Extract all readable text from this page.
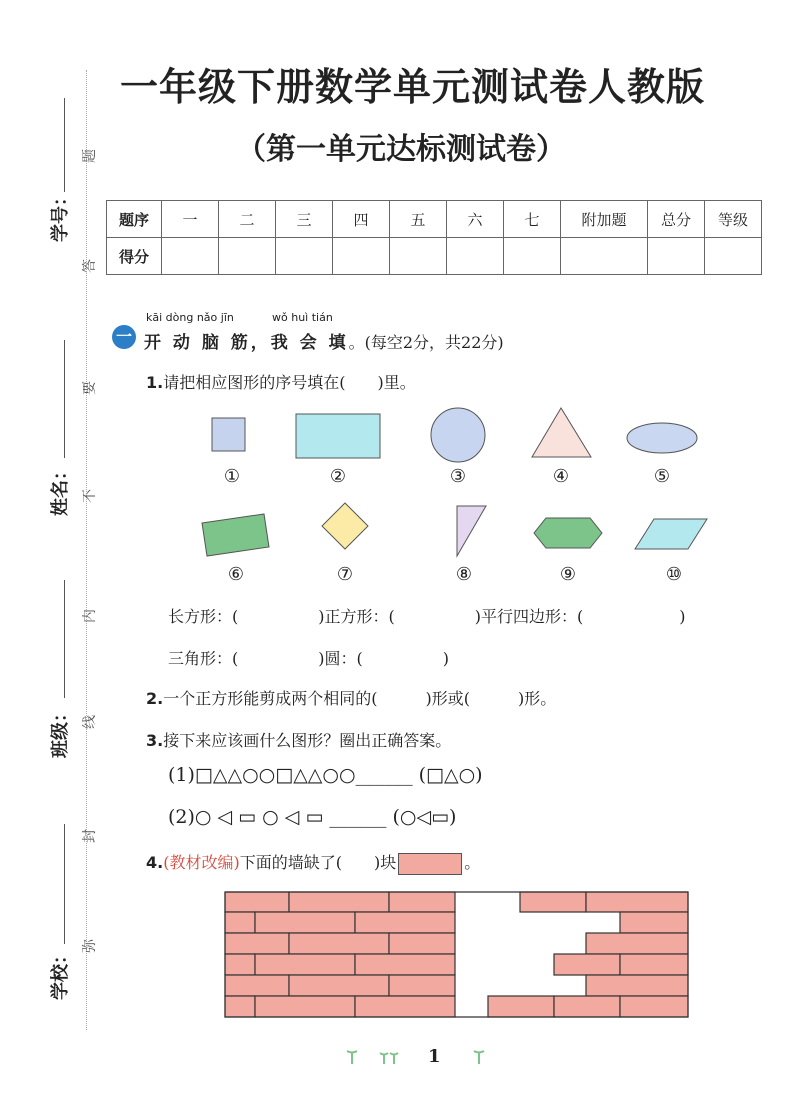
学号：
姓名：
班级：
学校：
题
答
要
不
内
线
封
弥
一年级下册数学单元测试卷人教版
（第一单元达标测试卷）
题序	一	二	三	四	五	六	七	附加题	总分	等级
得分										
一
kāi dòng nǎo jīn	wǒ huì tián
开 动 脑 筋，我 会 填。(每空2分，共22分)
1.请把相应图形的序号填在(　　)里。
①	②	③	④	⑤
⑥	⑦	⑧	⑨	⑩
长方形：(　　　　　)正方形：(　　　　　)平行四边形：(　　　　　　)
三角形：(　　　　　)圆：(　　　　　)
2.一个正方形能剪成两个相同的(　　　)形或(　　　)形。
3.接下来应该画什么图形？圈出正确答案。
(1)□△△○○□△△○○______ (□△○)
(2)○ ◁ ▭ ○ ◁ ▭ ______ (○◁▭)
4.(教材改编)下面的墙缺了(　　)块	。
1
